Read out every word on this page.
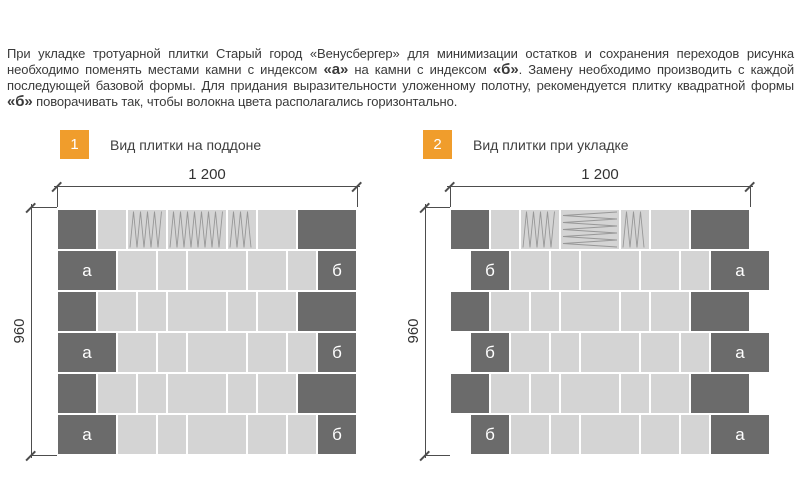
При укладке тротуарной плитки Старый город «Венусбергер» для минимизации остатков и сохранения переходов рисунка необходимо поменять местами камни с индексом «а» на камни с индексом «б». Замену необходимо производить с каждой последующей базовой формы. Для придания выразительности уложенному полотну, рекомендуется плитку квадратной формы «б» поворачивать так, чтобы волокна цвета располагались горизонтально.

1	Вид плитки на поддоне	2	Вид плитки при укладке
1 200
960
а	б
а	б
а	б
1 200
960
б	а
б	а
б	а
